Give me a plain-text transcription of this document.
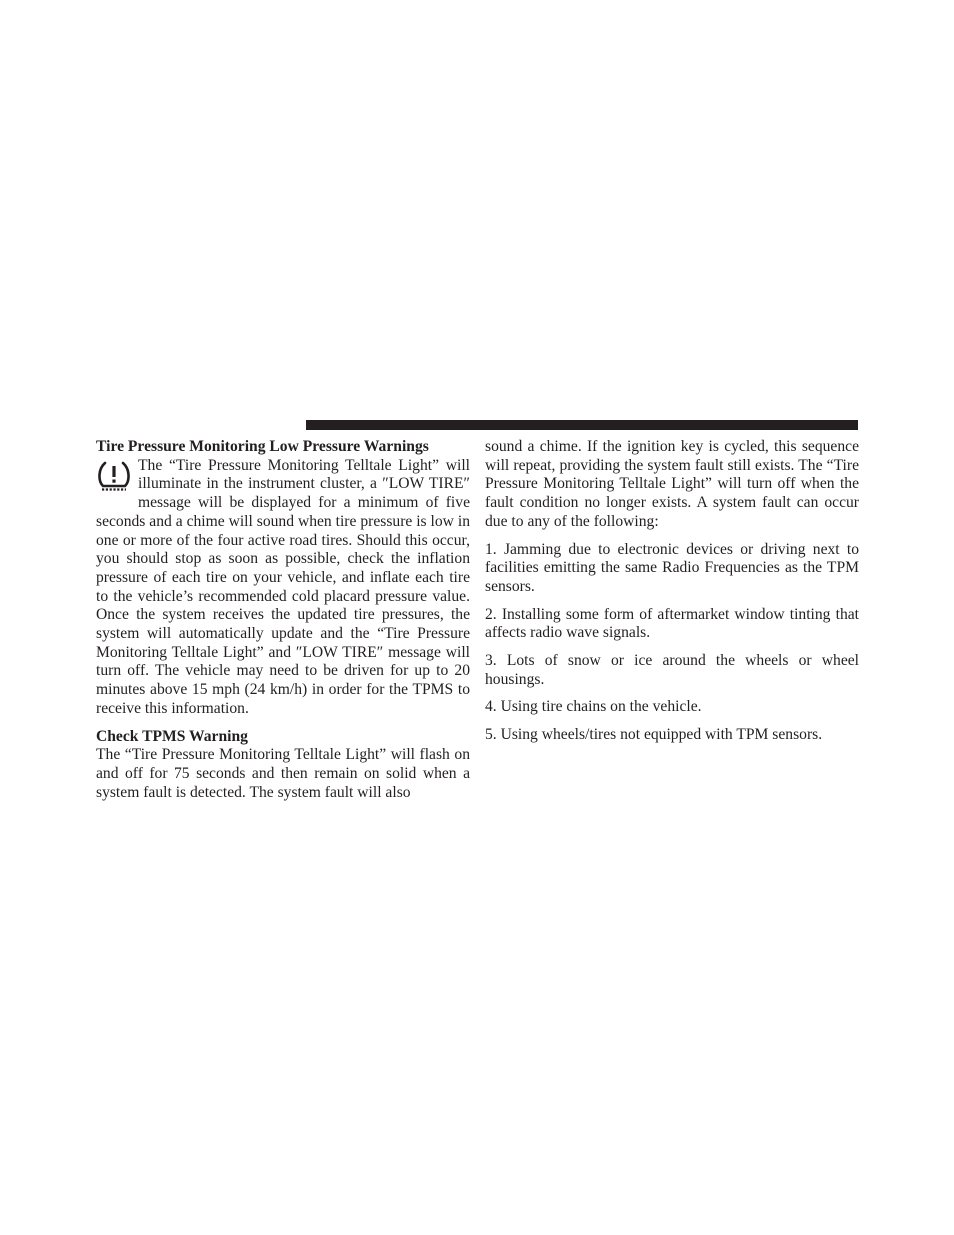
Tire Pressure Monitoring Low Pressure Warnings

The “Tire Pressure Monitoring Telltale Light” will illuminate in the instrument cluster, a ″LOW TIRE″ message will be displayed for a minimum of five seconds and a chime will sound when tire pressure is low in one or more of the four active road tires. Should this occur, you should stop as soon as possible, check the inflation pressure of each tire on your vehicle, and inflate each tire to the vehicle’s recommended cold placard pressure value. Once the system receives the updated tire pressures, the system will automatically update and the “Tire Pressure Monitoring Telltale Light” and ″LOW TIRE″ message will turn off. The vehicle may need to be driven for up to 20 minutes above 15 mph (24 km/h) in order for the TPMS to receive this information.

Check TPMS Warning

The “Tire Pressure Monitoring Telltale Light” will flash on and off for 75 seconds and then remain on solid when a system fault is detected. The system fault will also

sound a chime. If the ignition key is cycled, this sequence will repeat, providing the system fault still exists. The “Tire Pressure Monitoring Telltale Light” will turn off when the fault condition no longer exists. A system fault can occur due to any of the following:

1. Jamming due to electronic devices or driving next to facilities emitting the same Radio Frequencies as the TPM sensors.

2. Installing some form of aftermarket window tinting that affects radio wave signals.

3. Lots of snow or ice around the wheels or wheel housings.

4. Using tire chains on the vehicle.

5. Using wheels/tires not equipped with TPM sensors.
